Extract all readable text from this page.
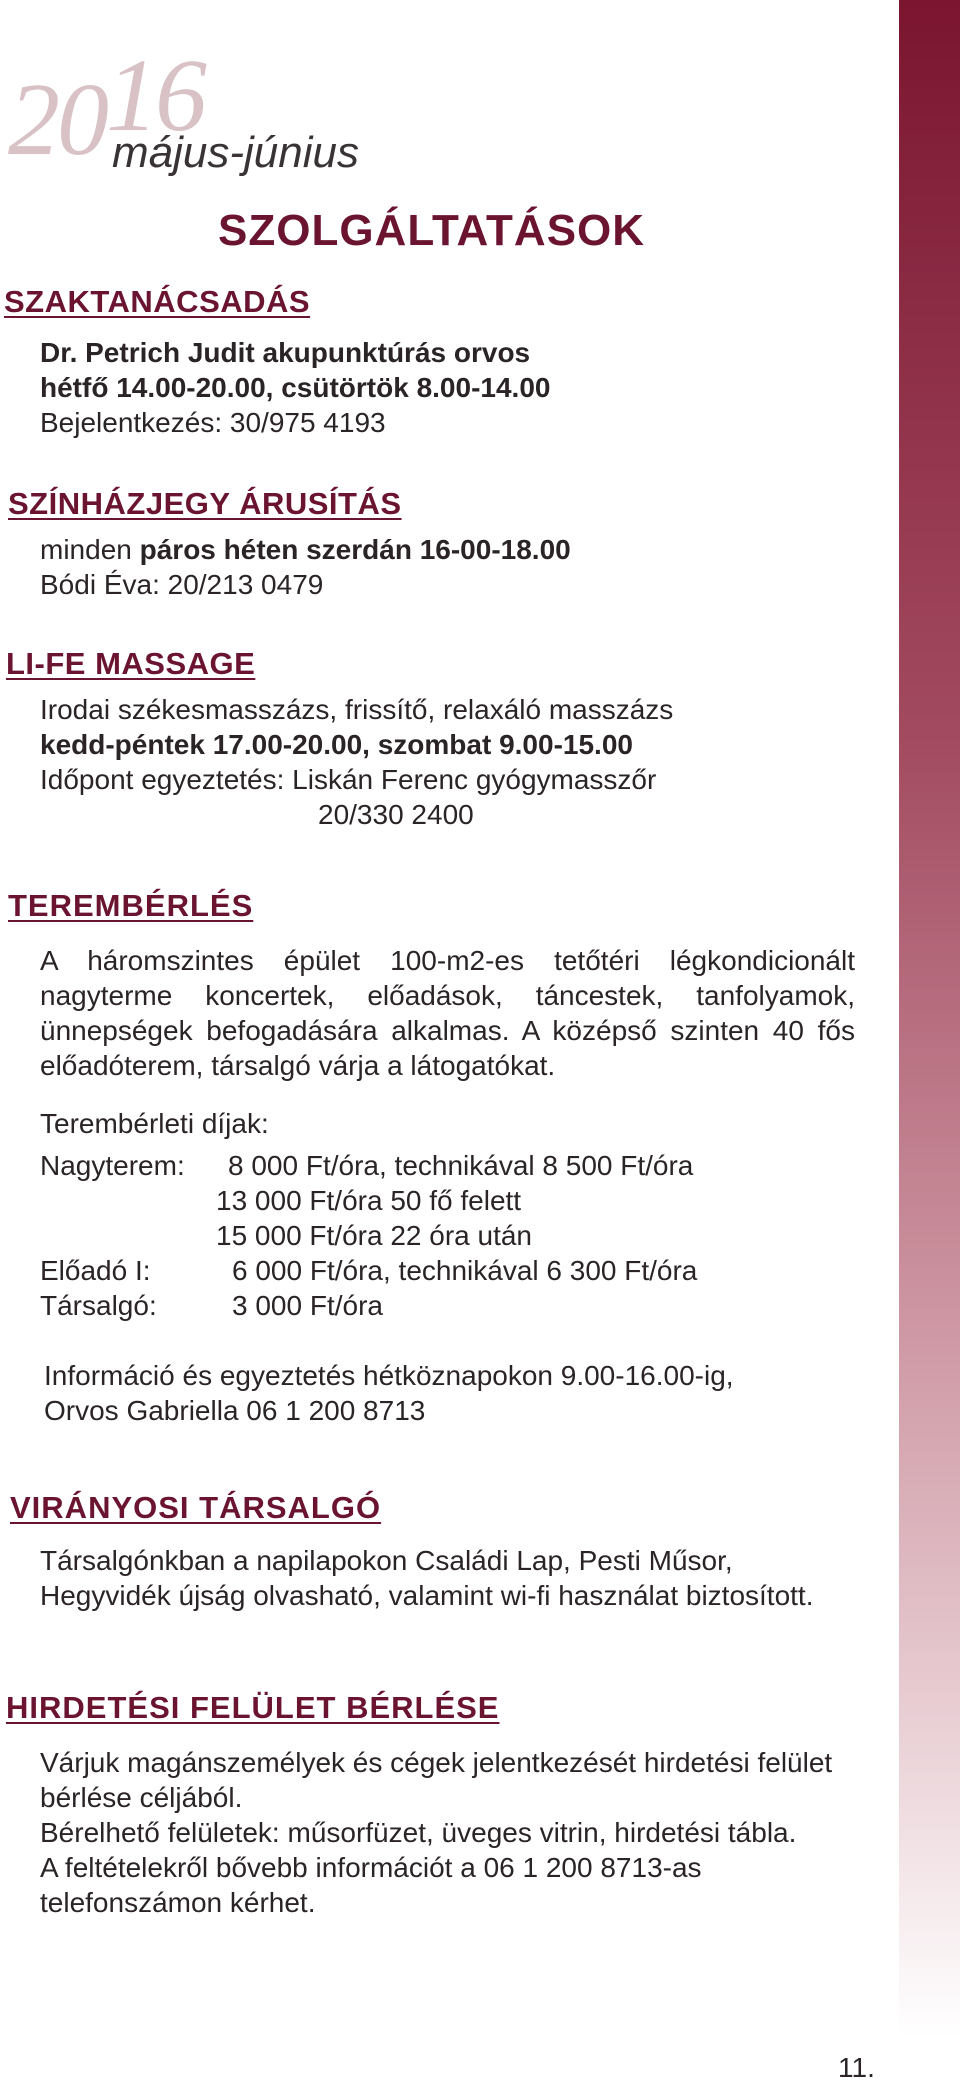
2016
május-június
SZOLGÁLTATÁSOK
SZAKTANÁCSADÁS
Dr. Petrich Judit akupunktúrás orvos
hétfő 14.00-20.00, csütörtök 8.00-14.00
Bejelentkezés: 30/975 4193
SZÍNHÁZJEGY ÁRUSÍTÁS
minden páros héten szerdán 16-00-18.00
Bódi Éva: 20/213 0479
LI-FE MASSAGE
Irodai székesmasszázs, frissítő, relaxáló masszázs
kedd-péntek 17.00-20.00, szombat 9.00-15.00
Időpont egyeztetés: Liskán Ferenc gyógymasszőr
20/330 2400
TEREMBÉRLÉS
A háromszintes épület 100-m2-es tetőtéri légkondicionált nagyterme koncertek, előadások, táncestek, tanfolyamok, ünnepségek befogadására alkalmas. A középső szinten 40 fős előadóterem, társalgó várja a látogatókat.
Terembérleti díjak:
Nagyterem: 8 000 Ft/óra, technikával 8 500 Ft/óra
13 000 Ft/óra 50 fő felett
15 000 Ft/óra 22 óra után
Előadó I:	6 000 Ft/óra, technikával 6 300 Ft/óra
Társalgó:	3 000 Ft/óra
Információ és egyeztetés hétköznapokon 9.00-16.00-ig,
Orvos Gabriella 06 1 200 8713
VIRÁNYOSI TÁRSALGÓ
Társalgónkban a napilapokon Családi Lap, Pesti Műsor, Hegyvidék újság olvasható, valamint wi-fi használat biztosított.
HIRDETÉSI FELÜLET BÉRLÉSE
Várjuk magánszemélyek és cégek jelentkezését hirdetési felület bérlése céljából.
Bérelhető felületek: műsorfüzet, üveges vitrin, hirdetési tábla.
A feltételekről bővebb információt a 06 1 200 8713-as telefonszámon kérhet.
11.
